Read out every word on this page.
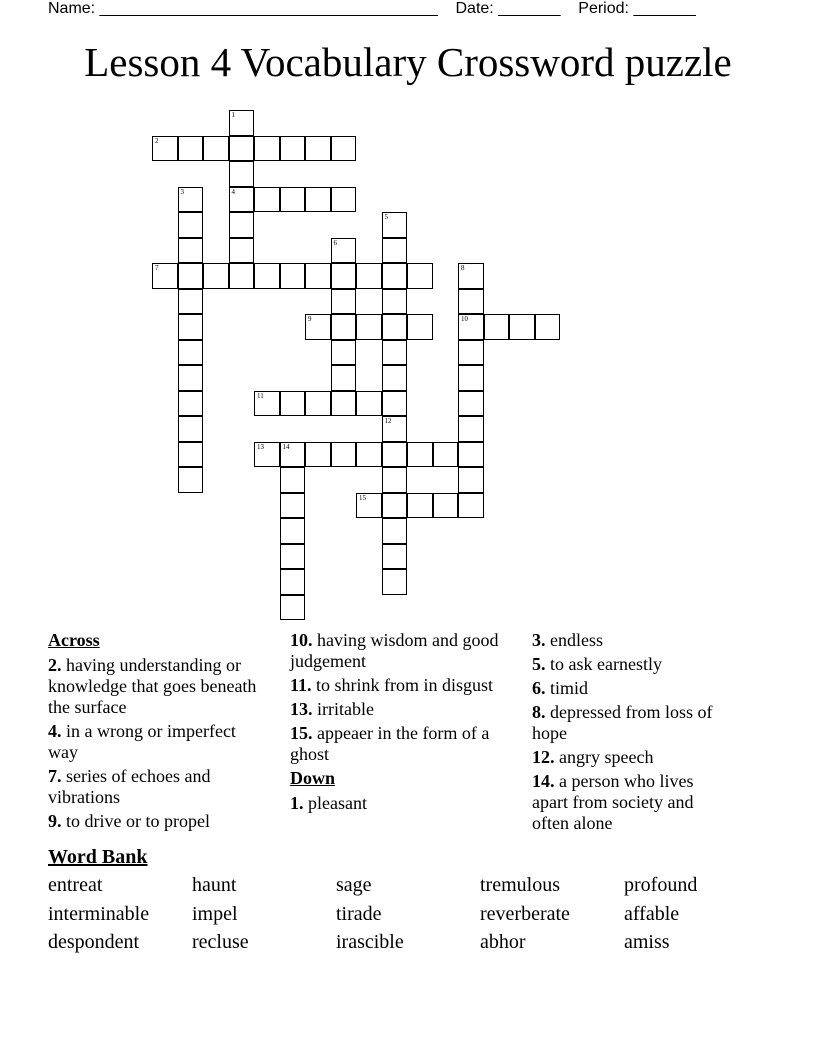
Name: ______________________________________ Date: _______ Period: _______
Lesson 4 Vocabulary Crossword puzzle
2
4
7
9	10
11
13	14
15
1
3
5
12
6
8
Across
2. having understanding or knowledge that goes beneath the surface
4. in a wrong or imperfect way
7. series of echoes and vibrations
9. to drive or to propel
10. having wisdom and good judgement
11. to shrink from in disgust
13. irritable
15. appeaer in the form of a ghost
Down
1. pleasant
3. endless
5. to ask earnestly
6. timid
8. depressed from loss of hope
12. angry speech
14. a person who lives apart from society and often alone
Word Bank
entreat	haunt	sage	tremulous	profound
interminable	impel	tirade	reverberate	affable
despondent	recluse	irascible	abhor	amiss
